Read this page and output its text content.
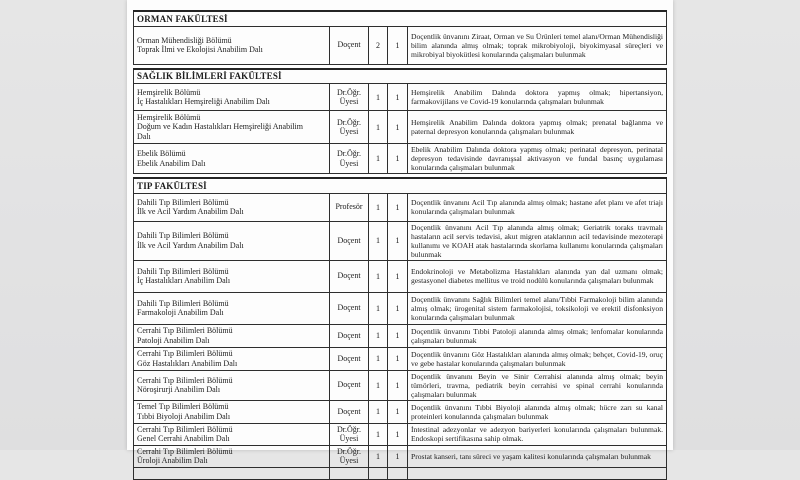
ORMAN FAKÜLTESİ

Orman Mühendisliği Bölümü
Toprak İlmi ve Ekolojisi Anabilim Dalı
	Doçent	2	1	Doçentlik ünvanını Ziraat, Orman ve Su Ürünleri temel alanı/Orman Mühendisliği bilim alanında almış olmak; toprak mikrobiyoloji, biyokimyasal süreçleri ve mikrobiyal biyokütlesi konularında çalışmaları bulunmak
SAĞLIK BİLİMLERİ FAKÜLTESİ				

Hemşirelik Bölümü
İç Hastalıkları Hemşireliği Anabilim Dalı	Dr.Öğr. Üyesi	1	1	Hemşirelik Anabilim Dalında doktora yapmış olmak; hipertansiyon, farmakovijilans ve Covid-19 konularında çalışmaları bulunmak

Hemşirelik Bölümü
Doğum ve Kadın Hastalıkları Hemşireliği Anabilim
Dalı	Dr.Öğr. Üyesi	1	1	Hemşirelik Anabilim Dalında doktora yapmış olmak; prenatal bağlanma ve paternal depresyon konularında çalışmaları bulunmak

Ebelik Bölümü
Ebelik Anabilim Dalı	Dr.Öğr. Üyesi	1	1	Ebelik Anabilim Dalında doktora yapmış olmak; perinatal depresyon, perinatal depresyon tedavisinde davranışsal aktivasyon ve fundal basınç uygulaması konularında çalışmaları bulunmak
TIP FAKÜLTESİ				

Dahili Tıp Bilimleri Bölümü
İlk ve Acil Yardım Anabilim Dalı	Profesör	1	1	Doçentlik ünvanını Acil Tıp alanında almış olmak; hastane afet planı ve afet triajı konularında çalışmaları bulunmak

Dahili Tıp Bilimleri Bölümü
İlk ve Acil Yardım Anabilim Dalı	Doçent	1	1	Doçentlik ünvanını Acil Tıp alanında almış olmak; Geriatrik toraks travmalı hastaların acil servis tedavisi, akut migren ataklarının acil tedavisinde mezoterapi kullanımı ve KOAH atak hastalarında skorlama kullanımı konularında çalışmaları bulunmak

Dahili Tıp Bilimleri Bölümü
İç Hastalıkları Anabilim Dalı	Doçent	1	1	Endokrinoloji ve Metabolizma Hastalıkları alanında yan dal uzmanı olmak; gestasyonel diabetes mellitus ve troid nodülü konularında çalışmaları bulunmak

Dahili Tıp Bilimleri Bölümü
Farmakoloji Anabilim Dalı	Doçent	1	1	Doçentlik ünvanını Sağlık Bilimleri temel alanı/Tıbbi Farmakoloji bilim alanında almış olmak; ürogenital sistem farmakolojisi, toksikoloji ve erektil disfonksiyon konularında çalışmaları bulunmak

Cerrahi Tıp Bilimleri Bölümü
Patoloji Anabilim Dalı	Doçent	1	1	Doçentlik ünvanını Tıbbi Patoloji alanında almış olmak; lenfomalar konularında çalışmaları bulunmak

Cerrahi Tıp Bilimleri Bölümü
Göz Hastalıkları Anabilim Dalı	Doçent	1	1	Doçentlik ünvanını Göz Hastalıkları alanında almış olmak; behçet, Covid-19, oruç ve gebe hastalar konularında çalışmaları bulunmak

Cerrahi Tıp Bilimleri Bölümü
Nöroşirurji Anabilim Dalı	Doçent	1	1	Doçentlik ünvanını Beyin ve Sinir Cerrahisi alanında almış olmak; beyin tümörleri, travma, pediatrik beyin cerrahisi ve spinal cerrahi konularında çalışmaları bulunmak

Temel Tıp Bilimleri Bölümü
Tıbbi Biyoloji Anabilim Dalı	Doçent	1	1	Doçentlik ünvanını Tıbbi Biyoloji alanında almış olmak; hücre zarı su kanal proteinleri konularında çalışmaları bulunmak

Cerrahi Tıp Bilimleri Bölümü
Genel Cerrahi Anabilim Dalı	Dr.Öğr. Üyesi	1	1	İntestinal adezyonlar ve adezyon bariyerleri konularında çalışmaları bulunmak. Endoskopi sertifikasına sahip olmak.

Cerrahi Tıp Bilimleri Bölümü
Üroloji Anabilim Dalı	Dr.Öğr. Üyesi	1	1	Prostat kanseri, tanı süreci ve yaşam kalitesi konularında çalışmaları bulunmak
